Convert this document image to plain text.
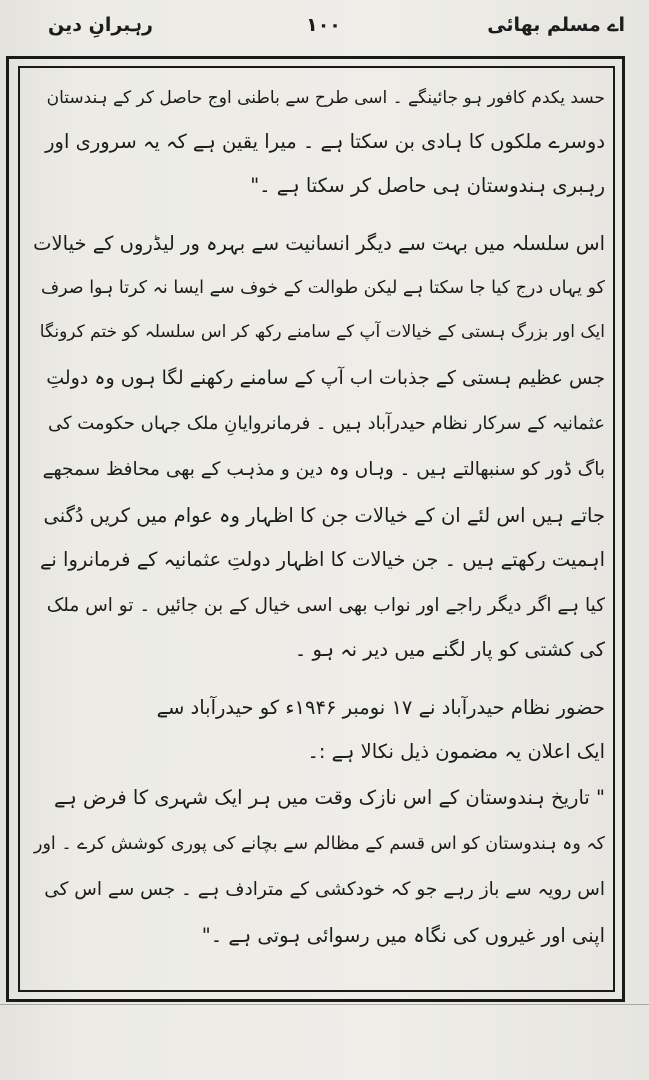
اے مسلم بھائی
۱۰۰
رہبرانِ دین
حسد یکدم کافور ہو جائینگے ۔ اسی طرح سے باطنی اوج حاصل کر کے ہندستان
دوسرے ملکوں کا ہادی بن سکتا ہے ۔ میرا یقین ہے کہ یہ سروری اور
رہبری ہندوستان ہی حاصل کر سکتا ہے ۔"
اس سلسلہ میں بہت سے دیگر انسانیت سے بہرہ ور لیڈروں کے خیالات
کو یہاں درج کیا جا سکتا ہے لیکن طوالت کے خوف سے ایسا نہ کرتا ہوا صرف
ایک اور بزرگ ہستی کے خیالات آپ کے سامنے رکھ کر اس سلسلہ کو ختم کرونگا
جس عظیم ہستی کے جذبات اب آپ کے سامنے رکھنے لگا ہوں وہ دولتِ
عثمانیہ کے سرکار نظام حیدرآباد ہیں ۔ فرمانروایانِ ملک جہاں حکومت کی
باگ ڈور کو سنبھالتے ہیں ۔ وہاں وہ دین و مذہب کے بھی محافظ سمجھے
جاتے ہیں اس لئے ان کے خیالات جن کا اظہار وہ عوام میں کریں دُگنی
اہمیت رکھتے ہیں ۔ جن خیالات کا اظہار دولتِ عثمانیہ کے فرمانروا نے
کیا ہے اگر دیگر راجے اور نواب بھی اسی خیال کے بن جائیں ۔ تو اس ملک
کی کشتی کو پار لگنے میں دیر نہ ہو ۔
حضور نظام حیدرآباد نے ۱۷ نومبر ۱۹۴۶ء کو حیدرآباد سے
ایک اعلان یہ مضمون ذیل نکالا ہے :۔
" تاریخ ہندوستان کے اس نازک وقت میں ہر ایک شہری کا فرض ہے
کہ وہ ہندوستان کو اس قسم کے مظالم سے بچانے کی پوری کوشش کرے ۔ اور
اس رویہ سے باز رہے جو کہ خودکشی کے مترادف ہے ۔ جس سے اس کی
اپنی اور غیروں کی نگاہ میں رسوائی ہوتی ہے ۔"
